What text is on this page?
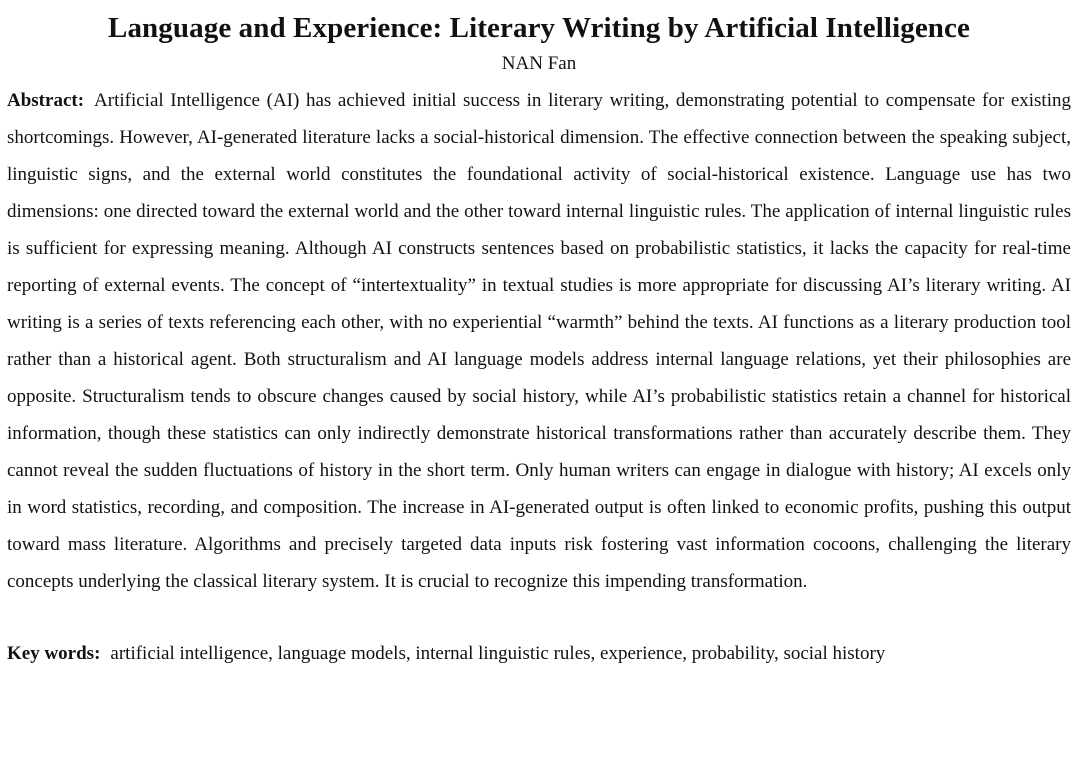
Language and Experience: Literary Writing by Artificial Intelligence

NAN Fan

Abstract: Artificial Intelligence (AI) has achieved initial success in literary writing, demonstrating potential to compensate for existing shortcomings. However, AI-generated literature lacks a social-historical dimension. The effective connection between the speaking subject, linguistic signs, and the external world constitutes the foundational activity of social-historical existence. Language use has two dimensions: one directed toward the external world and the other toward internal linguistic rules. The application of internal linguistic rules is sufficient for expressing meaning. Although AI constructs sentences based on probabilistic statistics, it lacks the capacity for real-time reporting of external events. The concept of “intertextuality” in textual studies is more appropriate for discussing AI’s literary writing. AI writing is a series of texts referencing each other, with no experiential “warmth” behind the texts. AI functions as a literary production tool rather than a historical agent. Both structuralism and AI language models address internal language relations, yet their philosophies are opposite. Structuralism tends to obscure changes caused by social history, while AI’s probabilistic statistics retain a channel for historical information, though these statistics can only indirectly demonstrate historical transformations rather than accurately describe them. They cannot reveal the sudden fluctuations of history in the short term. Only human writers can engage in dialogue with history; AI excels only in word statistics, recording, and composition. The increase in AI-generated output is often linked to economic profits, pushing this output toward mass literature. Algorithms and precisely targeted data inputs risk fostering vast information cocoons, challenging the literary concepts underlying the classical literary system. It is crucial to recognize this impending transformation.

Key words: artificial intelligence, language models, internal linguistic rules, experience, probability, social history
